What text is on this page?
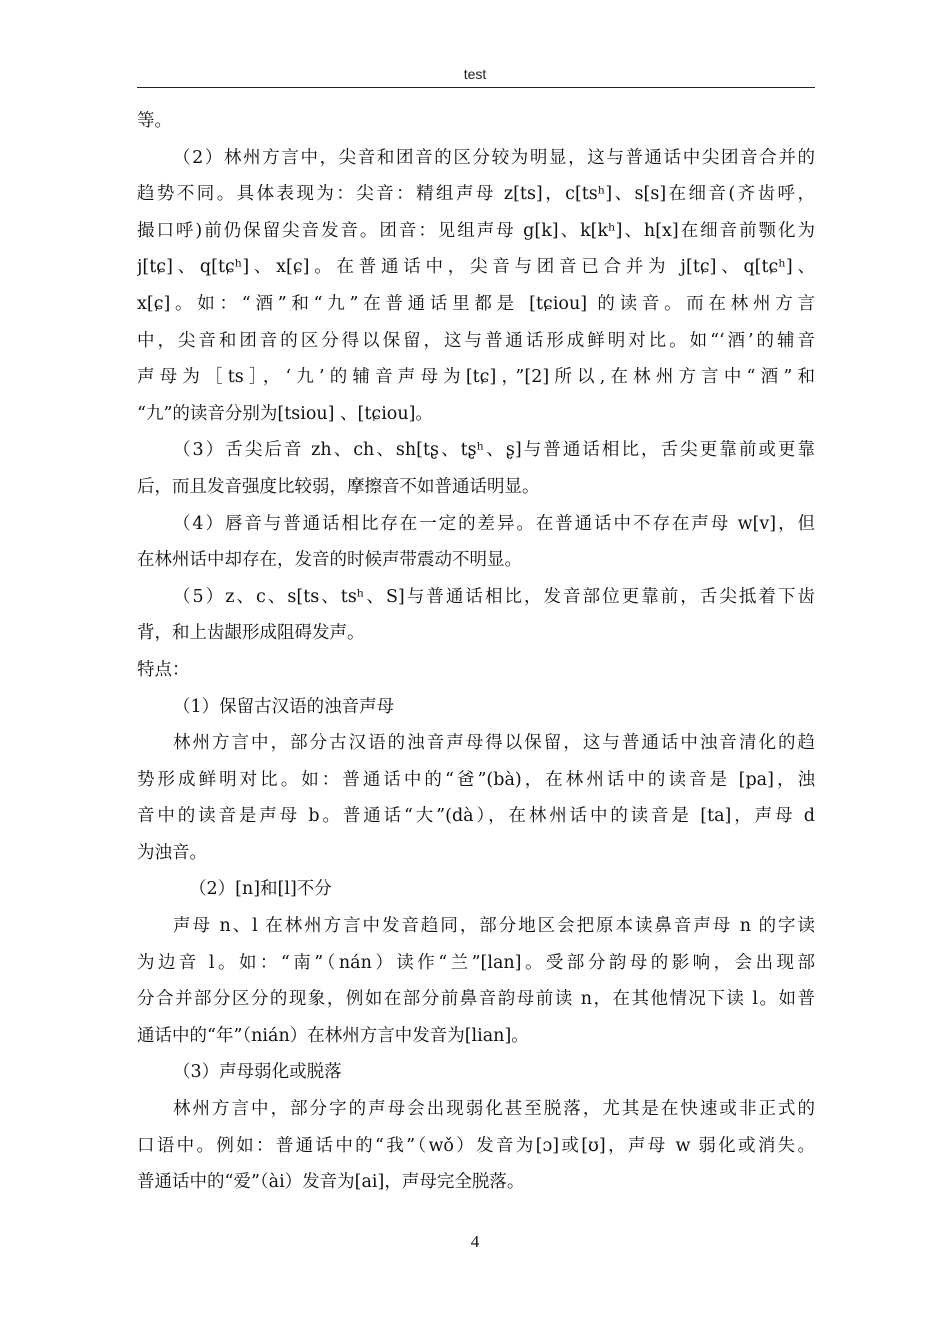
test
等。
（2）林州方言中，尖音和团音的区分较为明显，这与普通话中尖团音合并的
趋势不同。具体表现为：尖音：精组声母 z[ts]，c[tsʰ]、s[s]在细音(齐齿呼，
撮口呼)前仍保留尖音发音。团音：见组声母 g[k]、k[kʰ]、h[x]在细音前颚化为
j[tɕ]、q[tɕʰ]、x[ɕ]。在普通话中，尖音与团音已合并为 j[tɕ]、q[tɕʰ]、
x[ɕ]。如：“酒”和“九”在普通话里都是 [tɕiou] 的读音。而在林州方言
中，尖音和团音的区分得以保留，这与普通话形成鲜明对比。如“‘酒’的辅音
声母为［ts］，‘九’的辅音声母为[tɕ]，”[2]所以,在林州方言中“酒”和
“九”的读音分别为[tsiou] 、[tɕiou]。
（3）舌尖后音 zh、ch、sh[tʂ、tʂʰ、ʂ]与普通话相比，舌尖更靠前或更靠
后，而且发音强度比较弱，摩擦音不如普通话明显。
（4）唇音与普通话相比存在一定的差异。在普通话中不存在声母 w[v]，但
在林州话中却存在，发音的时候声带震动不明显。
（5）z、c、s[ts、tsʰ、S]与普通话相比，发音部位更靠前，舌尖抵着下齿
背，和上齿龈形成阻碍发声。
特点：
（1）保留古汉语的浊音声母
林州方言中，部分古汉语的浊音声母得以保留，这与普通话中浊音清化的趋
势形成鲜明对比。如：普通话中的“爸”(bà)，在林州话中的读音是 [pa]，浊
音中的读音是声母 b。普通话“大”(dà），在林州话中的读音是 [ta]，声母 d
为浊音。
（2）[n]和[l]不分
声母 n、l 在林州方言中发音趋同，部分地区会把原本读鼻音声母 n 的字读
为边音 l。如：“南”（nán）读作“兰”[lan]。受部分韵母的影响，会出现部
分合并部分区分的现象，例如在部分前鼻音韵母前读 n，在其他情况下读 l。如普
通话中的“年”（nián）在林州方言中发音为[lian]。
（3）声母弱化或脱落
林州方言中，部分字的声母会出现弱化甚至脱落，尤其是在快速或非正式的
口语中。例如：普通话中的“我”（wǒ）发音为[ɔ]或[ʊ]，声母 w 弱化或消失。
普通话中的“爱”（ài）发音为[ai]，声母完全脱落。
4
